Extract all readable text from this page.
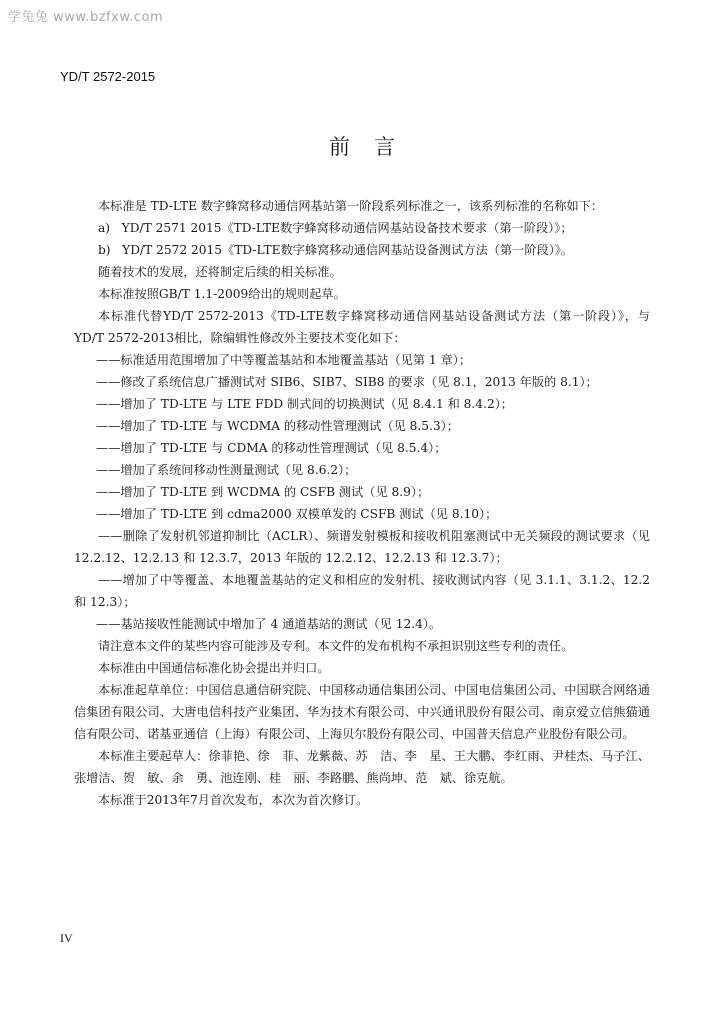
学兔兔 www.bzfxw.com
YD/T 2572-2015
前言
本标准是 TD-LTE 数字蜂窝移动通信网基站第一阶段系列标准之一，该系列标准的名称如下：
a)   YD/T 2571 2015《TD-LTE数字蜂窝移动通信网基站设备技术要求（第一阶段）》；
b)   YD/T 2572 2015《TD-LTE数字蜂窝移动通信网基站设备测试方法（第一阶段）》。
随着技术的发展，还将制定后续的相关标准。
本标准按照GB/T 1.1-2009给出的规则起草。
本标准代替YD/T 2572-2013《TD-LTE数字蜂窝移动通信网基站设备测试方法（第一阶段）》，与YD/T 2572-2013相比，除编辑性修改外主要技术变化如下：
——标准适用范围增加了中等覆盖基站和本地覆盖基站（见第 1 章）；
——修改了系统信息广播测试对 SIB6、SIB7、SIB8 的要求（见 8.1，2013 年版的 8.1）；
——增加了 TD-LTE 与 LTE FDD 制式间的切换测试（见 8.4.1 和 8.4.2）；
——增加了 TD-LTE 与 WCDMA 的移动性管理测试（见 8.5.3）；
——增加了 TD-LTE 与 CDMA 的移动性管理测试（见 8.5.4）；
——增加了系统间移动性测量测试（见 8.6.2）；
——增加了 TD-LTE 到 WCDMA 的 CSFB 测试（见 8.9）；
——增加了 TD-LTE 到 cdma2000 双模单发的 CSFB 测试（见 8.10）；
——删除了发射机邻道抑制比（ACLR）、频谱发射模板和接收机阻塞测试中无关频段的测试要求（见 12.2.12、12.2.13 和 12.3.7，2013 年版的 12.2.12、12.2.13 和 12.3.7）；
——增加了中等覆盖、本地覆盖基站的定义和相应的发射机、接收测试内容（见 3.1.1、3.1.2、12.2 和 12.3）；
——基站接收性能测试中增加了 4 通道基站的测试（见 12.4）。
请注意本文件的某些内容可能涉及专利。本文件的发布机构不承担识别这些专利的责任。
本标准由中国通信标准化协会提出并归口。
本标准起草单位：中国信息通信研究院、中国移动通信集团公司、中国电信集团公司、中国联合网络通信集团有限公司、大唐电信科技产业集团、华为技术有限公司、中兴通讯股份有限公司、南京爱立信熊猫通信有限公司、诺基亚通信（上海）有限公司、上海贝尔股份有限公司、中国普天信息产业股份有限公司。
本标准主要起草人：徐菲艳、徐　菲、龙紫薇、苏　洁、李　星、王大鹏、李红雨、尹桂杰、马子江、张增洁、贺　敏、余　勇、池连刚、桂　丽、李路鹏、熊尚坤、范　斌、徐克航。
本标准于2013年7月首次发布，本次为首次修订。
IV
